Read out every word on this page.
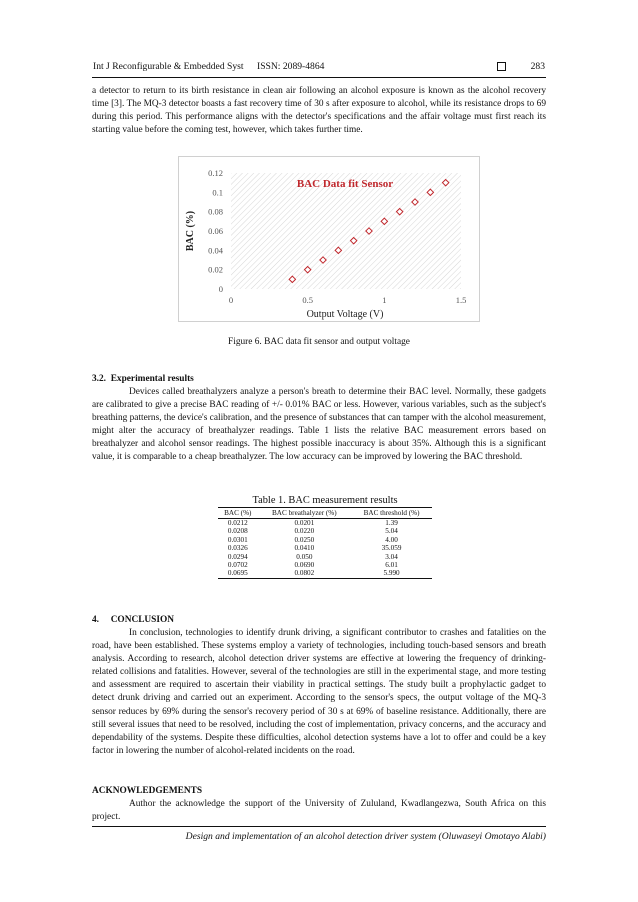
Int J Reconfigurable & Embedded Syst ISSN: 2089-4864	283

a detector to return to its birth resistance in clean air following an alcohol exposure is known as the alcohol recovery time [3]. The MQ-3 detector boasts a fast recovery time of 30 s after exposure to alcohol, while its resistance drops to 69 during this period. This performance aligns with the detector's specifications and the affair voltage must first reach its starting value before the coming test, however, which takes further time.

0
0.02
0.04
0.06
0.08
0.1
0.12
0	0.5	1	1.5
BAC Data fit Sensor
Output Voltage (V)
BAC (%)
Figure 6. BAC data fit sensor and output voltage
3.2.  Experimental results

Devices called breathalyzers analyze a person's breath to determine their BAC level. Normally, these gadgets are calibrated to give a precise BAC reading of +/- 0.01% BAC or less. However, various variables, such as the subject's breathing patterns, the device's calibration, and the presence of substances that can tamper with the alcohol measurement, might alter the accuracy of breathalyzer readings. Table 1 lists the relative BAC measurement errors based on breathalyzer and alcohol sensor readings. The highest possible inaccuracy is about 35%. Although this is a significant value, it is comparable to a cheap breathalyzer. The low accuracy can be improved by lowering the BAC threshold.

Table 1. BAC measurement results
BAC (%)	BAC breathalyzer (%)	BAC threshold (%)
0.0212	0.0201	1.39
0.0208	0.0220	5.04
0.0301	0.0250	4.00
0.0326	0.0410	35.059
0.0294	0.050	3.04
0.0702	0.0690	6.01
0.0695	0.0802	5.990
4.     CONCLUSION

In conclusion, technologies to identify drunk driving, a significant contributor to crashes and fatalities on the road, have been established. These systems employ a variety of technologies, including touch-based sensors and breath analysis. According to research, alcohol detection driver systems are effective at lowering the frequency of drinking-related collisions and fatalities. However, several of the technologies are still in the experimental stage, and more testing and assessment are required to ascertain their viability in practical settings. The study built a prophylactic gadget to detect drunk driving and carried out an experiment. According to the sensor's specs, the output voltage of the MQ-3 sensor reduces by 69% during the sensor's recovery period of 30 s at 69% of baseline resistance. Additionally, there are still several issues that need to be resolved, including the cost of implementation, privacy concerns, and the accuracy and dependability of the systems. Despite these difficulties, alcohol detection systems have a lot to offer and could be a key factor in lowering the number of alcohol-related incidents on the road.

ACKNOWLEDGEMENTS

Author the acknowledge the support of the University of Zululand, Kwadlangezwa, South Africa on this project.

Design and implementation of an alcohol detection driver system (Oluwaseyi Omotayo Alabi)
